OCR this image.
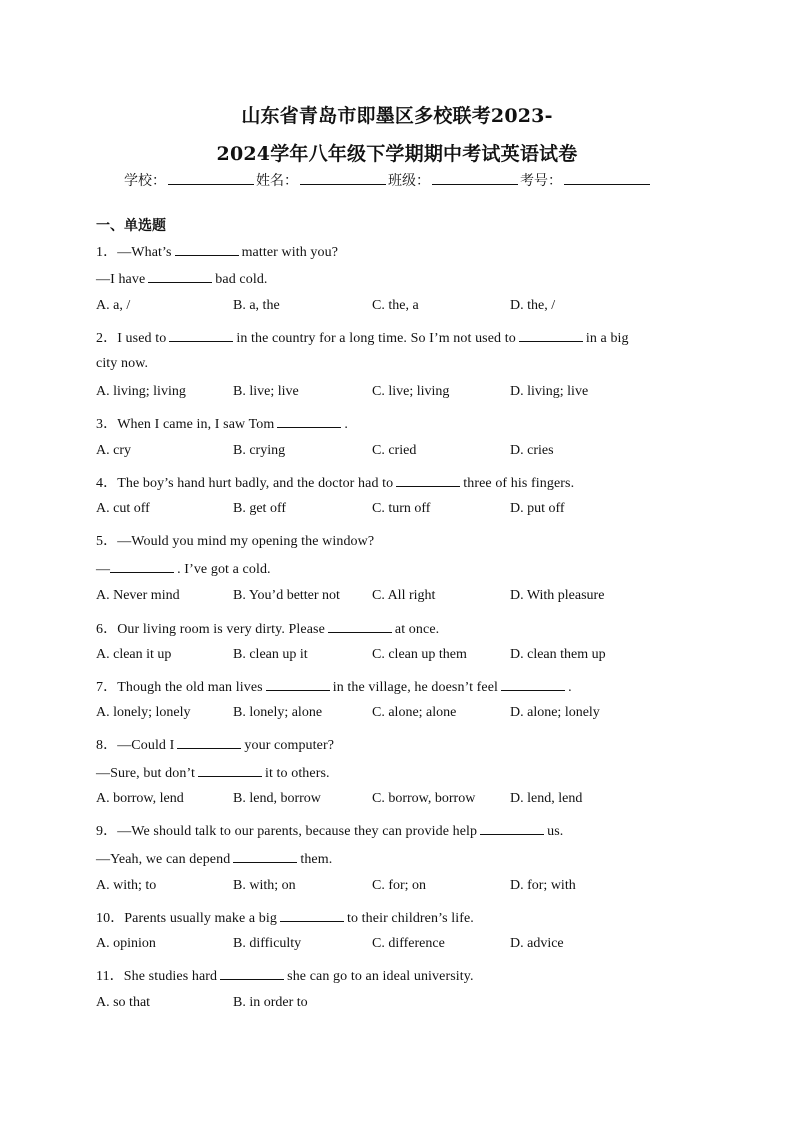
山东省青岛市即墨区多校联考2023-
2024学年八年级下学期期中考试英语试卷
学校：	姓名：	班级：	考号：
一、单选题
1．—What’s	matter with you?
—I have	bad cold.
A. a, /	B. a, the	C. the, a	D. the, /
2．I used to	in the country for a long time. So I’m not used to	in a big
city now.
A. living; living	B. live; live	C. live; living	D. living; live
3．When I came in, I saw Tom	.
A. cry	B. crying	C. cried	D. cries
4．The boy’s hand hurt badly, and the doctor had to	three of his fingers.
A. cut off	B. get off	C. turn off	D. put off
5．—Would you mind my opening the window?
—	. I’ve got a cold.
A. Never mind	B. You’d better not C. All right	D. With pleasure
6．Our living room is very dirty. Please	at once.
A. clean it up	B. clean up it	C. clean up them	D. clean them up
7．Though the old man lives	in the village, he doesn’t feel	.
A. lonely; lonely	B. lonely; alone	C. alone; alone	D. alone; lonely
8．—Could I	your computer?
—Sure, but don’t	it to others.
A. borrow, lend	B. lend, borrow	C. borrow, borrow D. lend, lend
9．—We should talk to our parents, because they can provide help	us.
—Yeah, we can depend	them.
A. with; to	B. with; on	C. for; on	D. for; with
10．Parents usually make a big	to their children’s life.
A. opinion	B. difficulty	C. difference	D. advice
11．She studies hard	she can go to an ideal university.
A. so that	B. in order to
